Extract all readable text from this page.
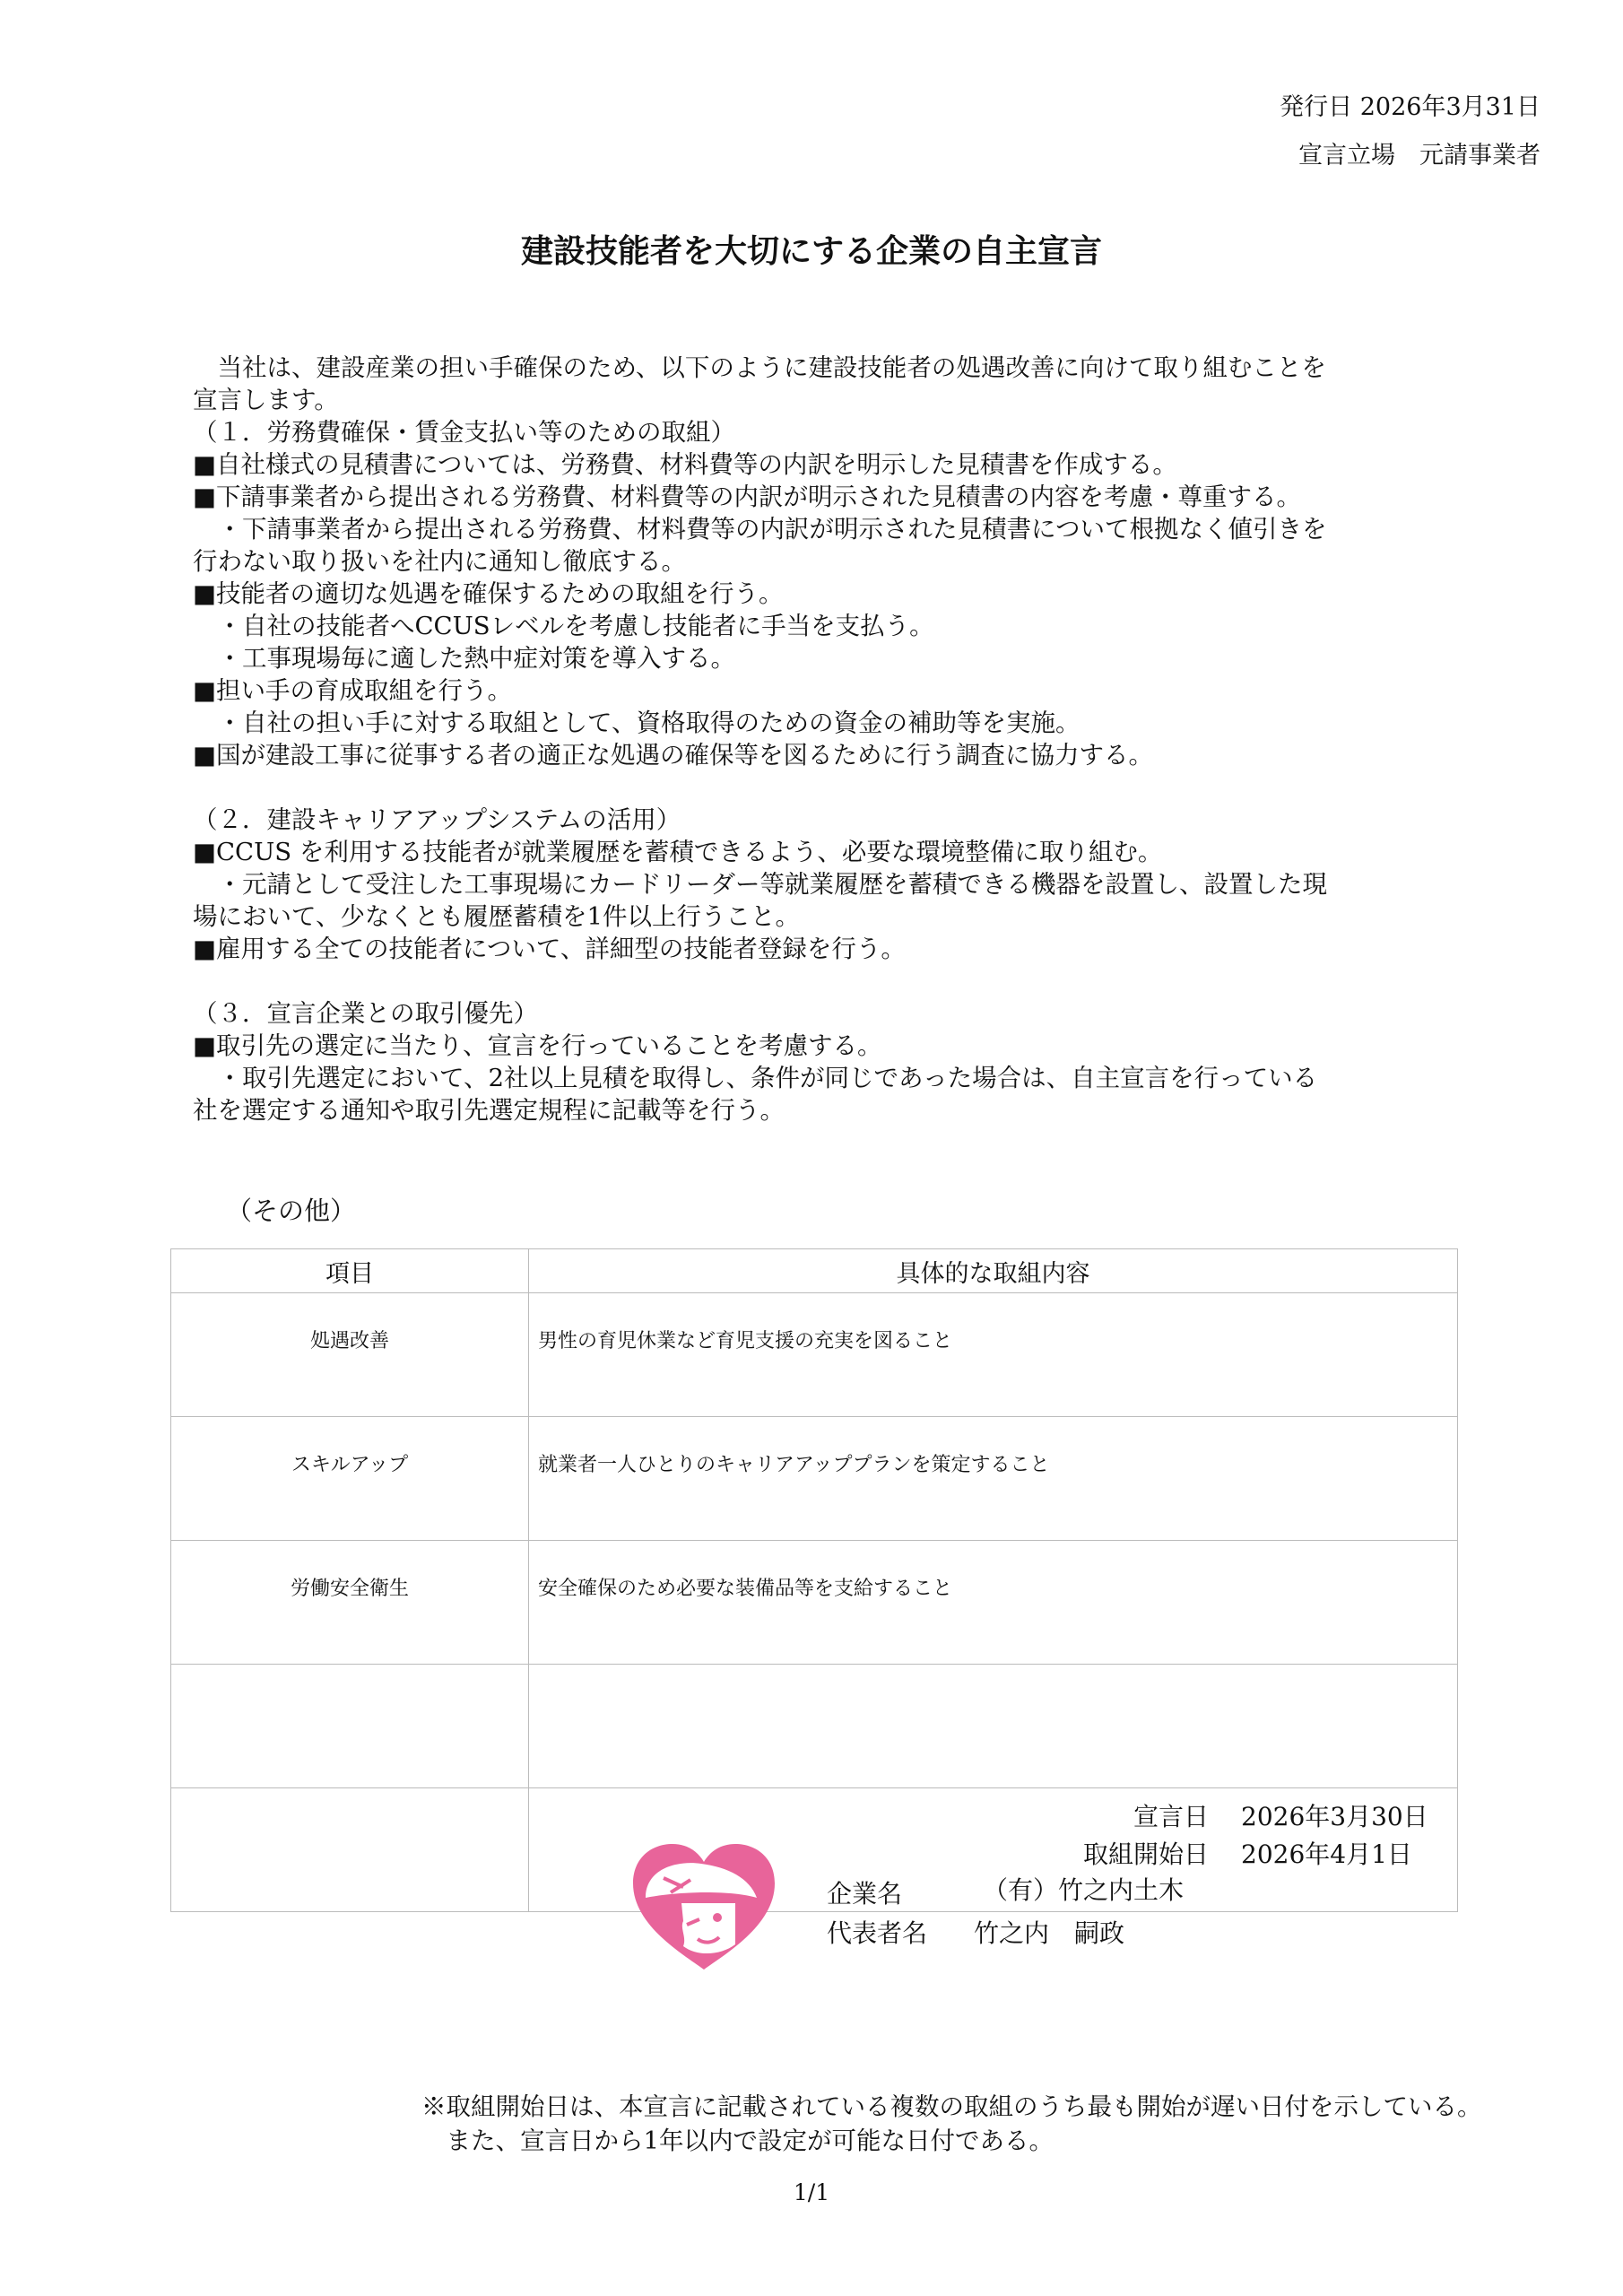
発行日 2026年3月31日
宣言立場　元請事業者
建設技能者を大切にする企業の自主宣言

　当社は、建設産業の担い手確保のため、以下のように建設技能者の処遇改善に向けて取り組むことを

宣言します。

（１．労務費確保・賃金支払い等のための取組）

■自社様式の見積書については、労務費、材料費等の内訳を明示した見積書を作成する。

■下請事業者から提出される労務費、材料費等の内訳が明示された見積書の内容を考慮・尊重する。

　・下請事業者から提出される労務費、材料費等の内訳が明示された見積書について根拠なく値引きを

行わない取り扱いを社内に通知し徹底する。

■技能者の適切な処遇を確保するための取組を行う。

　・自社の技能者へCCUSレベルを考慮し技能者に手当を支払う。

　・工事現場毎に適した熱中症対策を導入する。

■担い手の育成取組を行う。

　・自社の担い手に対する取組として、資格取得のための資金の補助等を実施。

■国が建設工事に従事する者の適正な処遇の確保等を図るために行う調査に協力する。

（２．建設キャリアアップシステムの活用）

■CCUS を利用する技能者が就業履歴を蓄積できるよう、必要な環境整備に取り組む。

　・元請として受注した工事現場にカードリーダー等就業履歴を蓄積できる機器を設置し、設置した現

場において、少なくとも履歴蓄積を1件以上行うこと。

■雇用する全ての技能者について、詳細型の技能者登録を行う。

（３．宣言企業との取引優先）

■取引先の選定に当たり、宣言を行っていることを考慮する。

　・取引先選定において、2社以上見積を取得し、条件が同じであった場合は、自主宣言を行っている

社を選定する通知や取引先選定規程に記載等を行う。

（その他）
項目	具体的な取組内容
処遇改善	男性の育児休業など育児支援の充実を図ること
スキルアップ	就業者一人ひとりのキャリアアッププランを策定すること
労働安全衛生	安全確保のため必要な装備品等を支給すること

宣言日 2026年3月30日
取組開始日 2026年4月1日
企業名	（有）竹之内土木
代表者名 竹之内　嗣政
※取組開始日は、本宣言に記載されている複数の取組のうち最も開始が遅い日付を示している。
　また、宣言日から1年以内で設定が可能な日付である。
1/1
